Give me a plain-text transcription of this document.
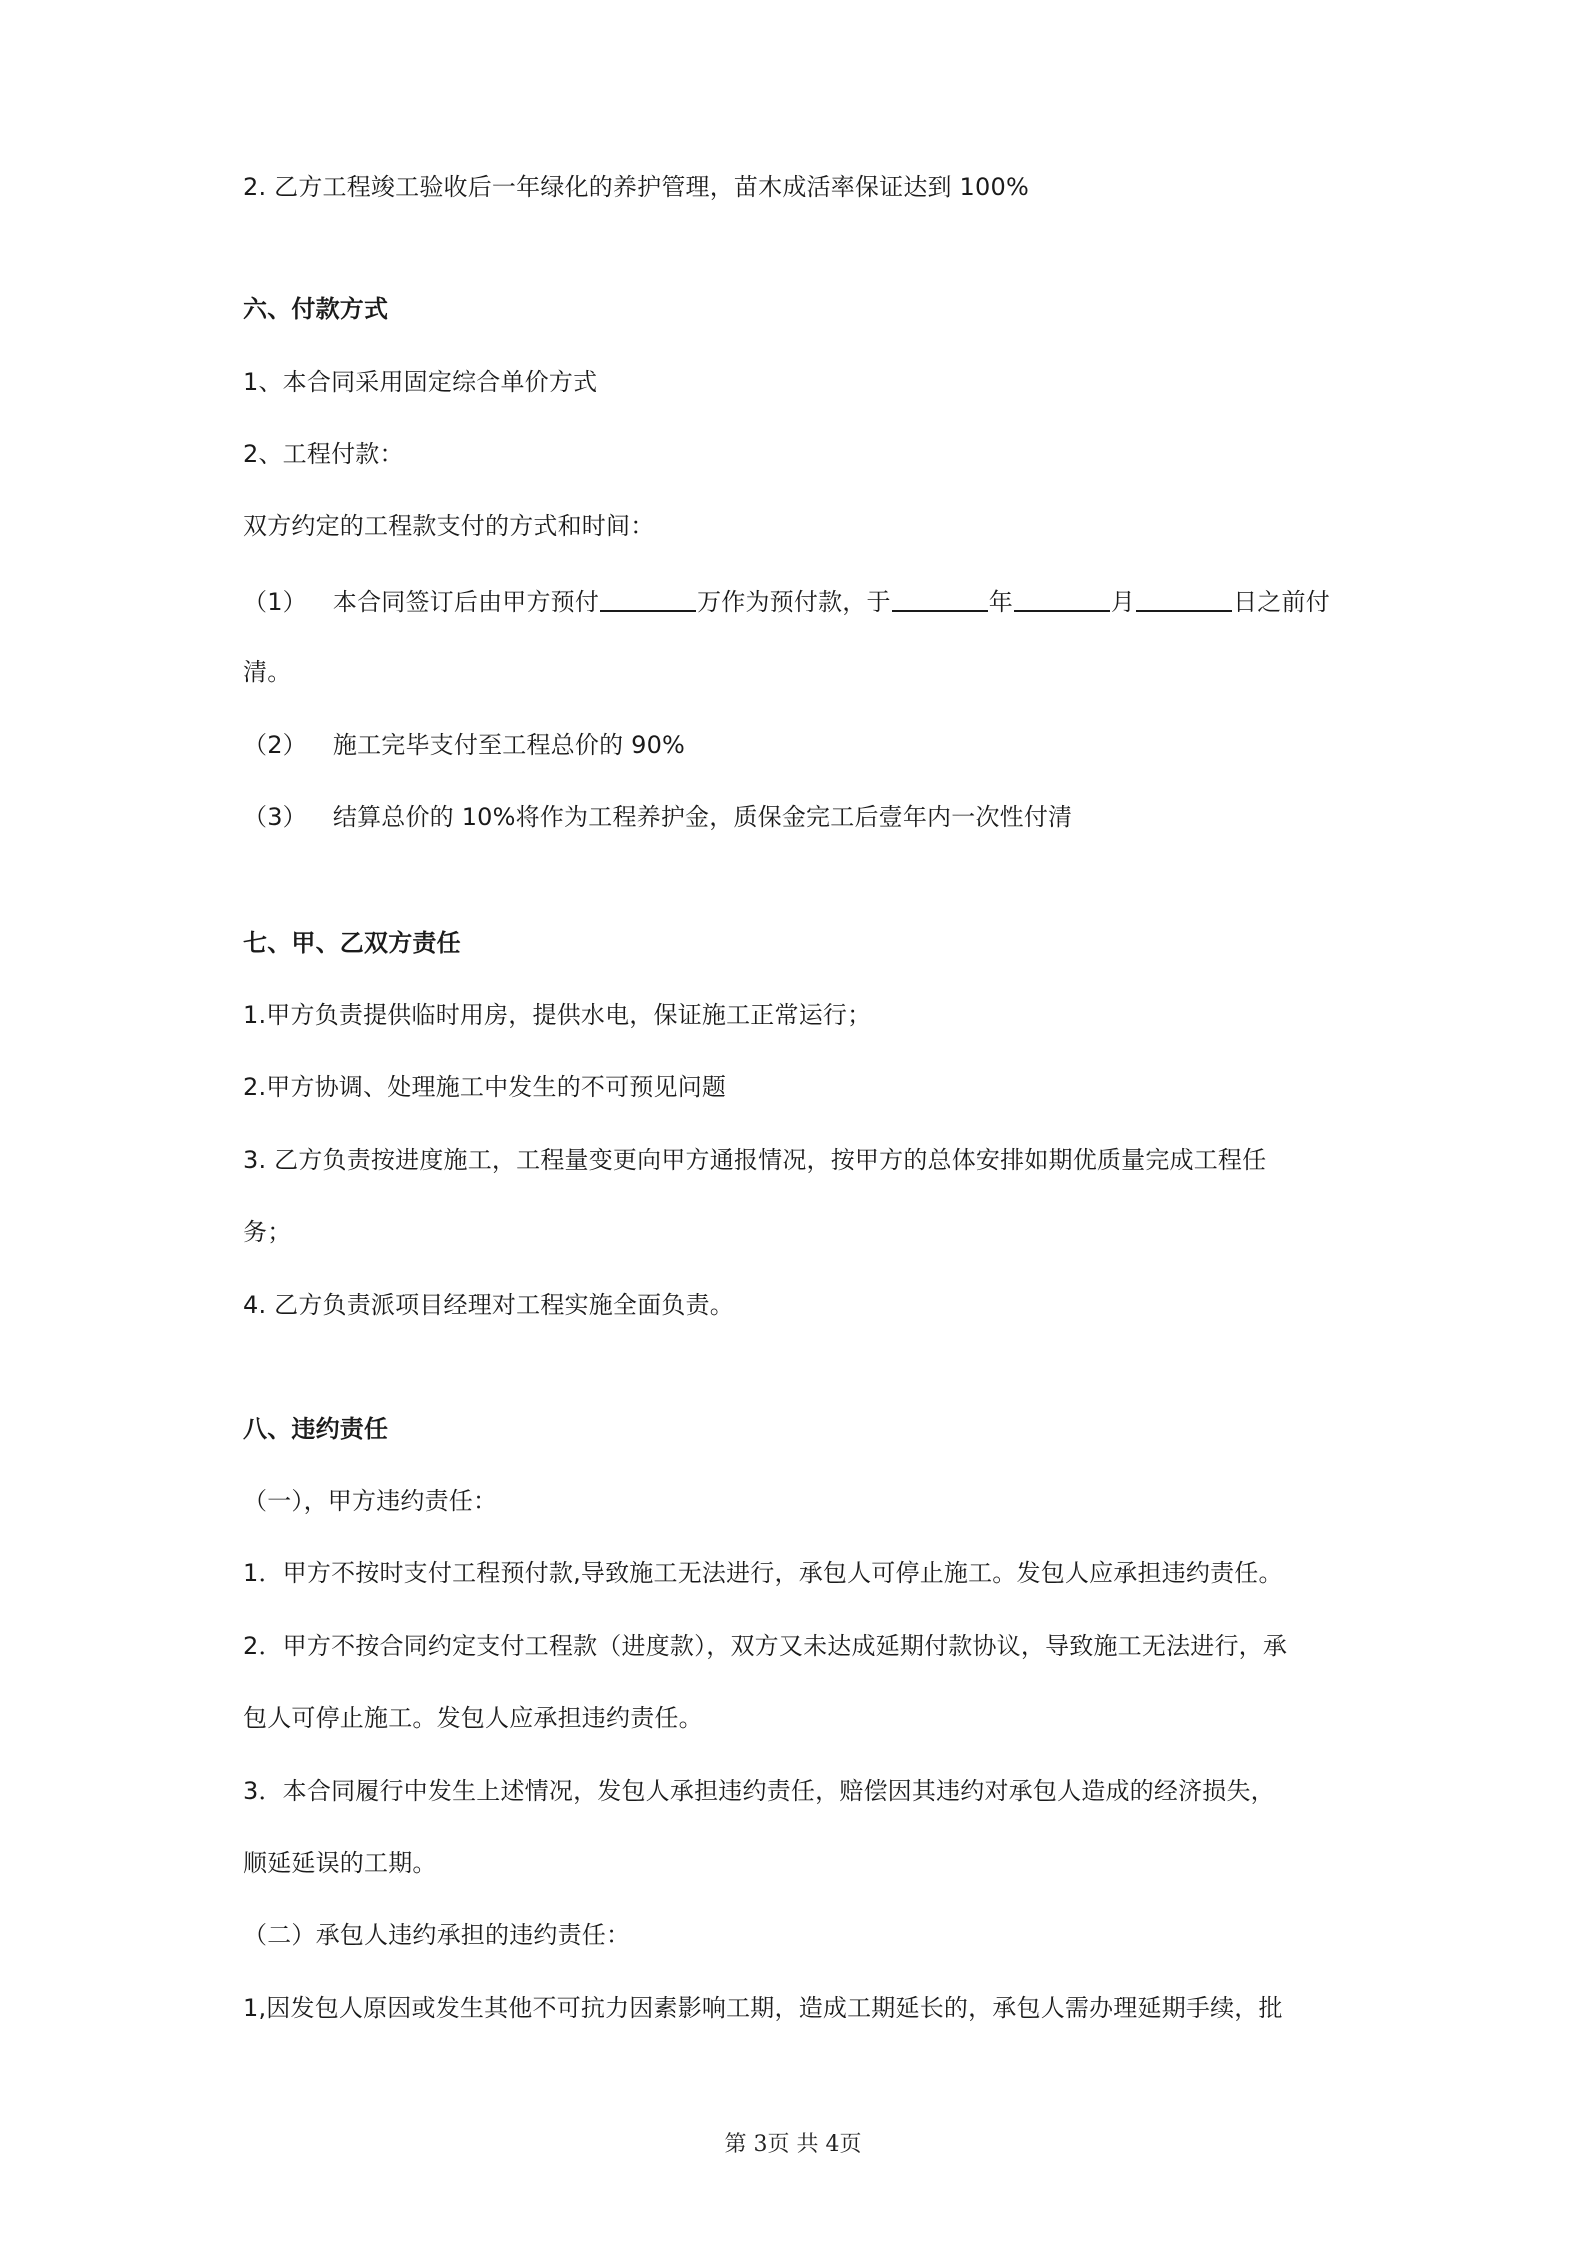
2. 乙方工程竣工验收后一年绿化的养护管理，苗木成活率保证达到 100%
六、付款方式
1、本合同采用固定综合单价方式
2、工程付款：
双方约定的工程款支付的方式和时间：
（1） 本合同签订后由甲方预付	万作为预付款，于	年	月	日之前付
清。
（2） 施工完毕支付至工程总价的 90%
（3） 结算总价的 10%将作为工程养护金，质保金完工后壹年内一次性付清
七、甲、乙双方责任
1.甲方负责提供临时用房，提供水电，保证施工正常运行；
2.甲方协调、处理施工中发生的不可预见问题
3. 乙方负责按进度施工，工程量变更向甲方通报情况，按甲方的总体安排如期优质量完成工程任
务；
4. 乙方负责派项目经理对工程实施全面负责。
八、违约责任
（一），甲方违约责任：
1．甲方不按时支付工程预付款,导致施工无法进行，承包人可停止施工。发包人应承担违约责任。
2．甲方不按合同约定支付工程款（进度款），双方又未达成延期付款协议，导致施工无法进行，承
包人可停止施工。发包人应承担违约责任。
3．本合同履行中发生上述情况，发包人承担违约责任，赔偿因其违约对承包人造成的经济损失，
顺延延误的工期。
（二）承包人违约承担的违约责任：
1,因发包人原因或发生其他不可抗力因素影响工期，造成工期延长的，承包人需办理延期手续，批
第 3页 共 4页
